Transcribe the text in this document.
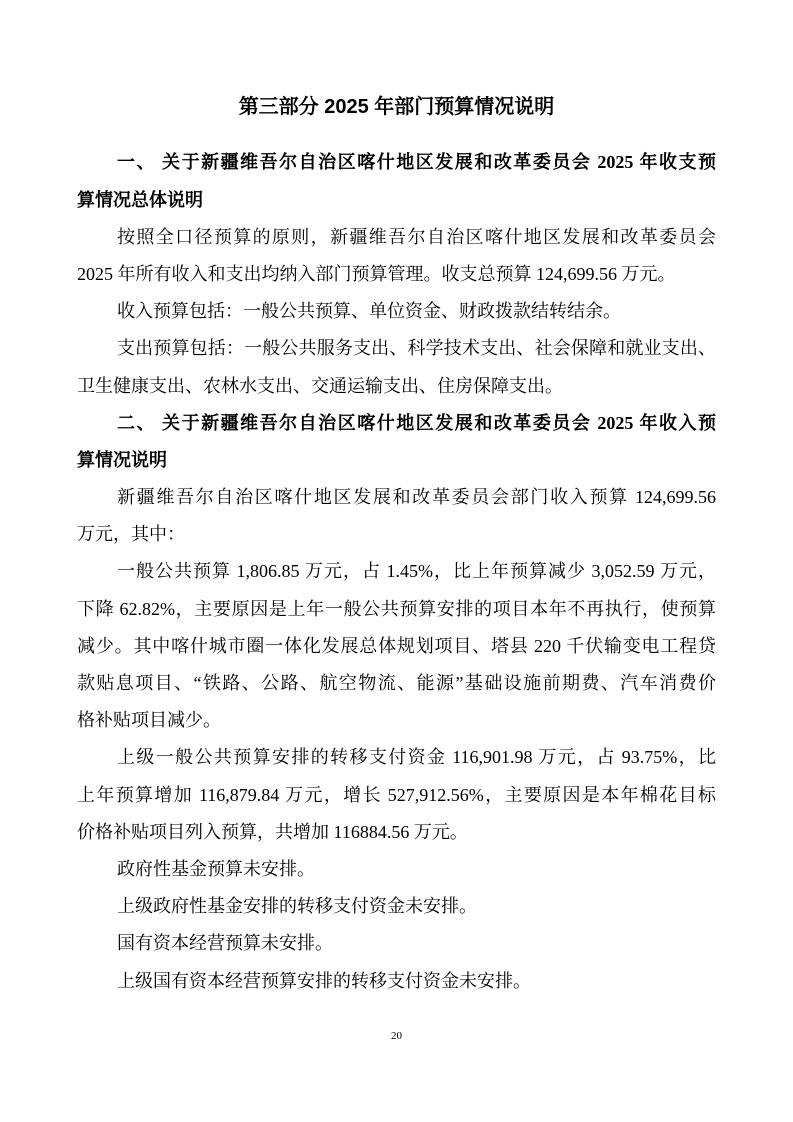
第三部分 2025 年部门预算情况说明
一、 关于新疆维吾尔自治区喀什地区发展和改革委员会 2025 年收支预
算情况总体说明
按照全口径预算的原则，新疆维吾尔自治区喀什地区发展和改革委员会
2025 年所有收入和支出均纳入部门预算管理。收支总预算 124,699.56 万元。
收入预算包括：一般公共预算、单位资金、财政拨款结转结余。
支出预算包括：一般公共服务支出、科学技术支出、社会保障和就业支出、
卫生健康支出、农林水支出、交通运输支出、住房保障支出。
二、 关于新疆维吾尔自治区喀什地区发展和改革委员会 2025 年收入预
算情况说明
新疆维吾尔自治区喀什地区发展和改革委员会部门收入预算 124,699.56
万元，其中：
一般公共预算 1,806.85 万元，占 1.45%，比上年预算减少 3,052.59 万元，
下降 62.82%，主要原因是上年一般公共预算安排的项目本年不再执行，使预算
减少。其中喀什城市圈一体化发展总体规划项目、塔县 220 千伏输变电工程贷
款贴息项目、“铁路、公路、航空物流、能源”基础设施前期费、汽车消费价
格补贴项目减少。
上级一般公共预算安排的转移支付资金 116,901.98 万元，占 93.75%，比
上年预算增加 116,879.84 万元，增长 527,912.56%，主要原因是本年棉花目标
价格补贴项目列入预算，共增加 116884.56 万元。
政府性基金预算未安排。
上级政府性基金安排的转移支付资金未安排。
国有资本经营预算未安排。
上级国有资本经营预算安排的转移支付资金未安排。
20
